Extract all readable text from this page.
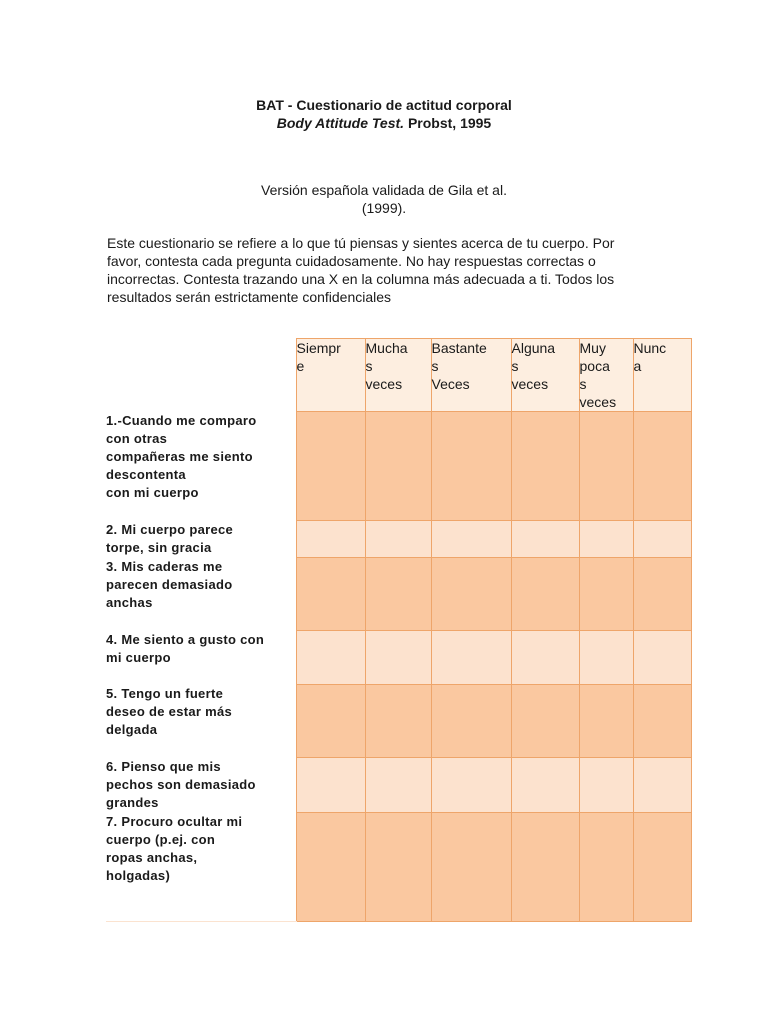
BAT - Cuestionario de actitud corporal
Body Attitude Test. Probst, 1995
Versión española validada de Gila et al.
(1999).
Este cuestionario se refiere a lo que tú piensas y sientes acerca de tu cuerpo. Por
favor, contesta cada pregunta cuidadosamente. No hay respuestas correctas o
incorrectas. Contesta trazando una X en la columna más adecuada a ti. Todos los
resultados serán estrictamente confidenciales

	Siempr
e	Mucha
s
veces	Bastante
s
Veces	Alguna
s
veces	Muy
poca
s
veces	Nunc
a

1.-Cuando me comparo
con otras
compañeras me siento
descontenta
con mi cuerpo						

2. Mi cuerpo parece
torpe, sin gracia						

3. Mis caderas me
parecen demasiado
anchas						

4. Me siento a gusto con
mi cuerpo						

5. Tengo un fuerte
deseo de estar más
delgada						

6. Pienso que mis
pechos son demasiado
grandes						

7. Procuro ocultar mi
cuerpo (p.ej. con
ropas anchas,
holgadas)						
